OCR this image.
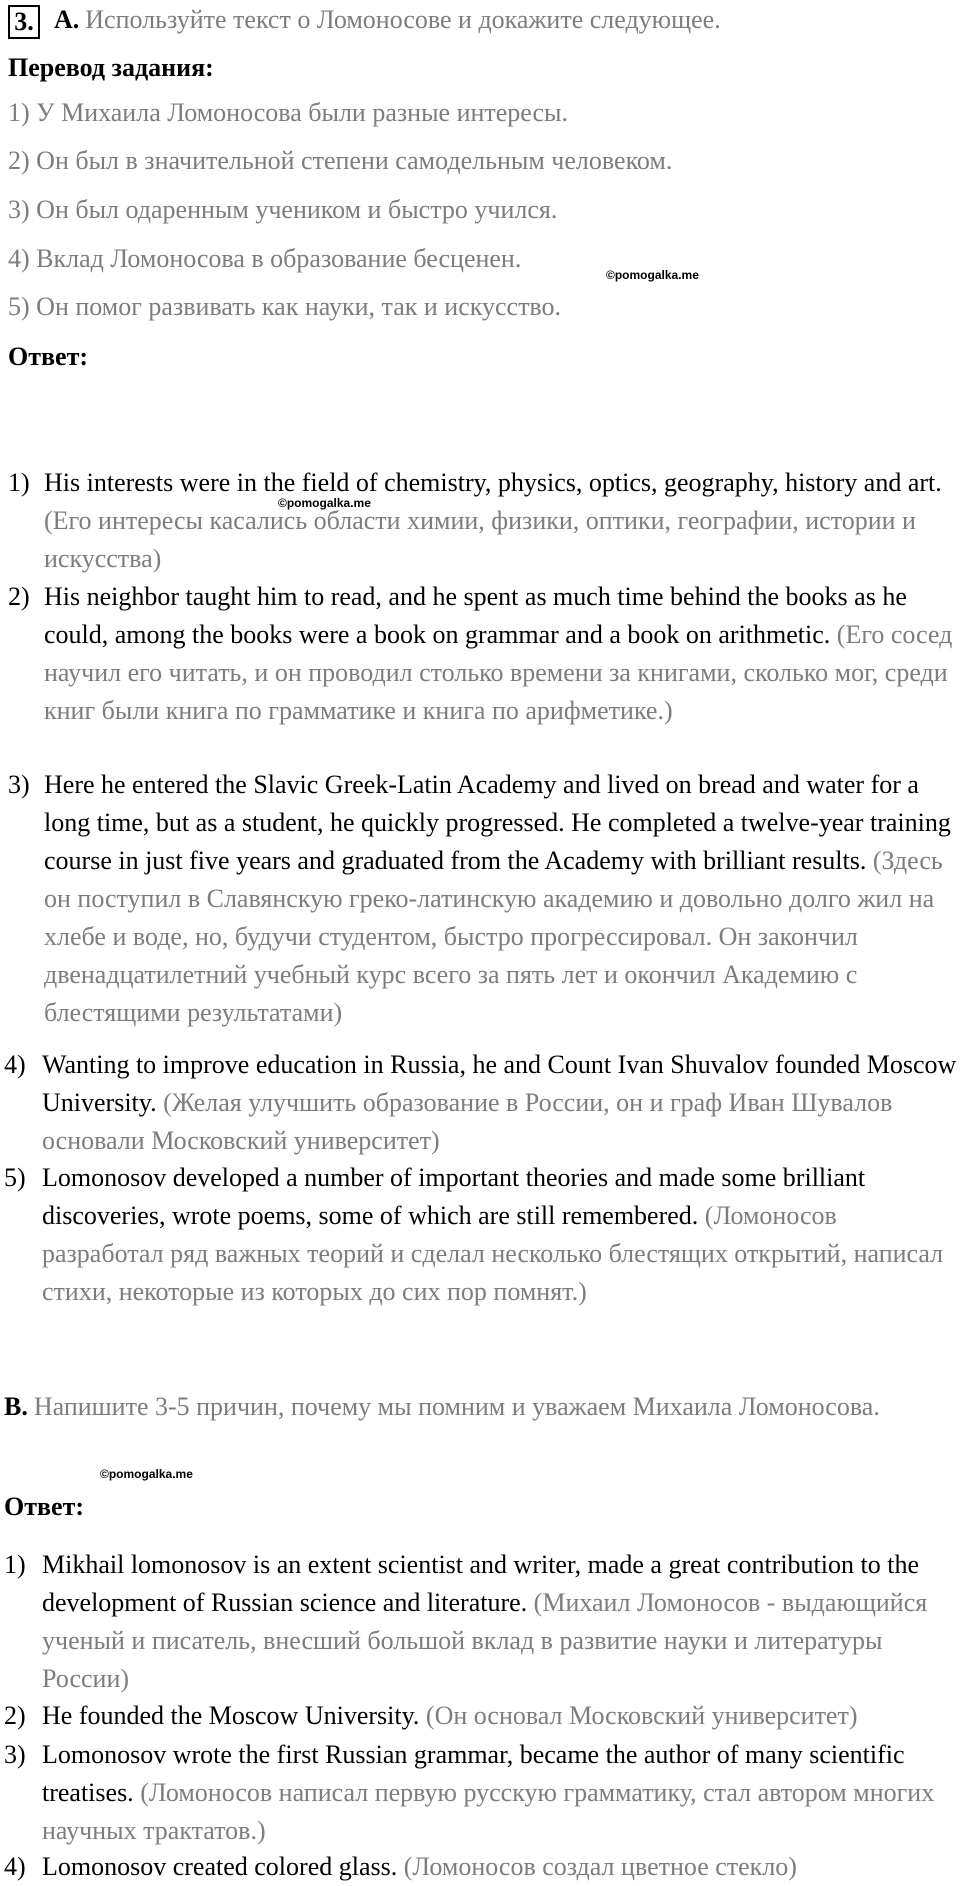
3. A. Используйте текст о Ломоносове и докажите следующее.
Перевод задания:
1) У Михаила Ломоносова были разные интересы.
2) Он был в значительной степени самодельным человеком.
3) Он был одаренным учеником и быстро учился.
4) Вклад Ломоносова в образование бесценен.
5) Он помог развивать как науки, так и искусство.
©pomogalka.me
Ответ:
1) His interests were in the field of chemistry, physics, optics, geography, history and art. (Его интересы касались области химии, физики, оптики, географии, истории и искусства)
2) His neighbor taught him to read, and he spent as much time behind the books as he could, among the books were a book on grammar and a book on arithmetic. (Его сосед научил его читать, и он проводил столько времени за книгами, сколько мог, среди книг были книга по грамматике и книга по арифметике.)
3) Here he entered the Slavic Greek-Latin Academy and lived on bread and water for a long time, but as a student, he quickly progressed. He completed a twelve-year training course in just five years and graduated from the Academy with brilliant results. (Здесь он поступил в Славянскую греко-латинскую академию и довольно долго жил на хлебе и воде, но, будучи студентом, быстро прогрессировал. Он закончил двенадцатилетний учебный курс всего за пять лет и окончил Академию с блестящими результатами)
4) Wanting to improve education in Russia, he and Count Ivan Shuvalov founded Moscow University. (Желая улучшить образование в России, он и граф Иван Шувалов основали Московский университет)
5) Lomonosov developed a number of important theories and made some brilliant discoveries, wrote poems, some of which are still remembered. (Ломоносов разработал ряд важных теорий и сделал несколько блестящих открытий, написал стихи, некоторые из которых до сих пор помнят.)
©pomogalka.me
B. Напишите 3-5 причин, почему мы помним и уважаем Михаила Ломоносова.
©pomogalka.me
Ответ:
1) Mikhail lomonosov is an extent scientist and writer, made a great contribution to the development of Russian science and literature. (Михаил Ломоносов - выдающийся ученый и писатель, внесший большой вклад в развитие науки и литературы России)
2) He founded the Moscow University. (Он основал Московский университет)
3) Lomonosov wrote the first Russian grammar, became the author of many scientific treatises. (Ломоносов написал первую русскую грамматику, стал автором многих научных трактатов.)
4) Lomonosov created colored glass. (Ломоносов создал цветное стекло)
